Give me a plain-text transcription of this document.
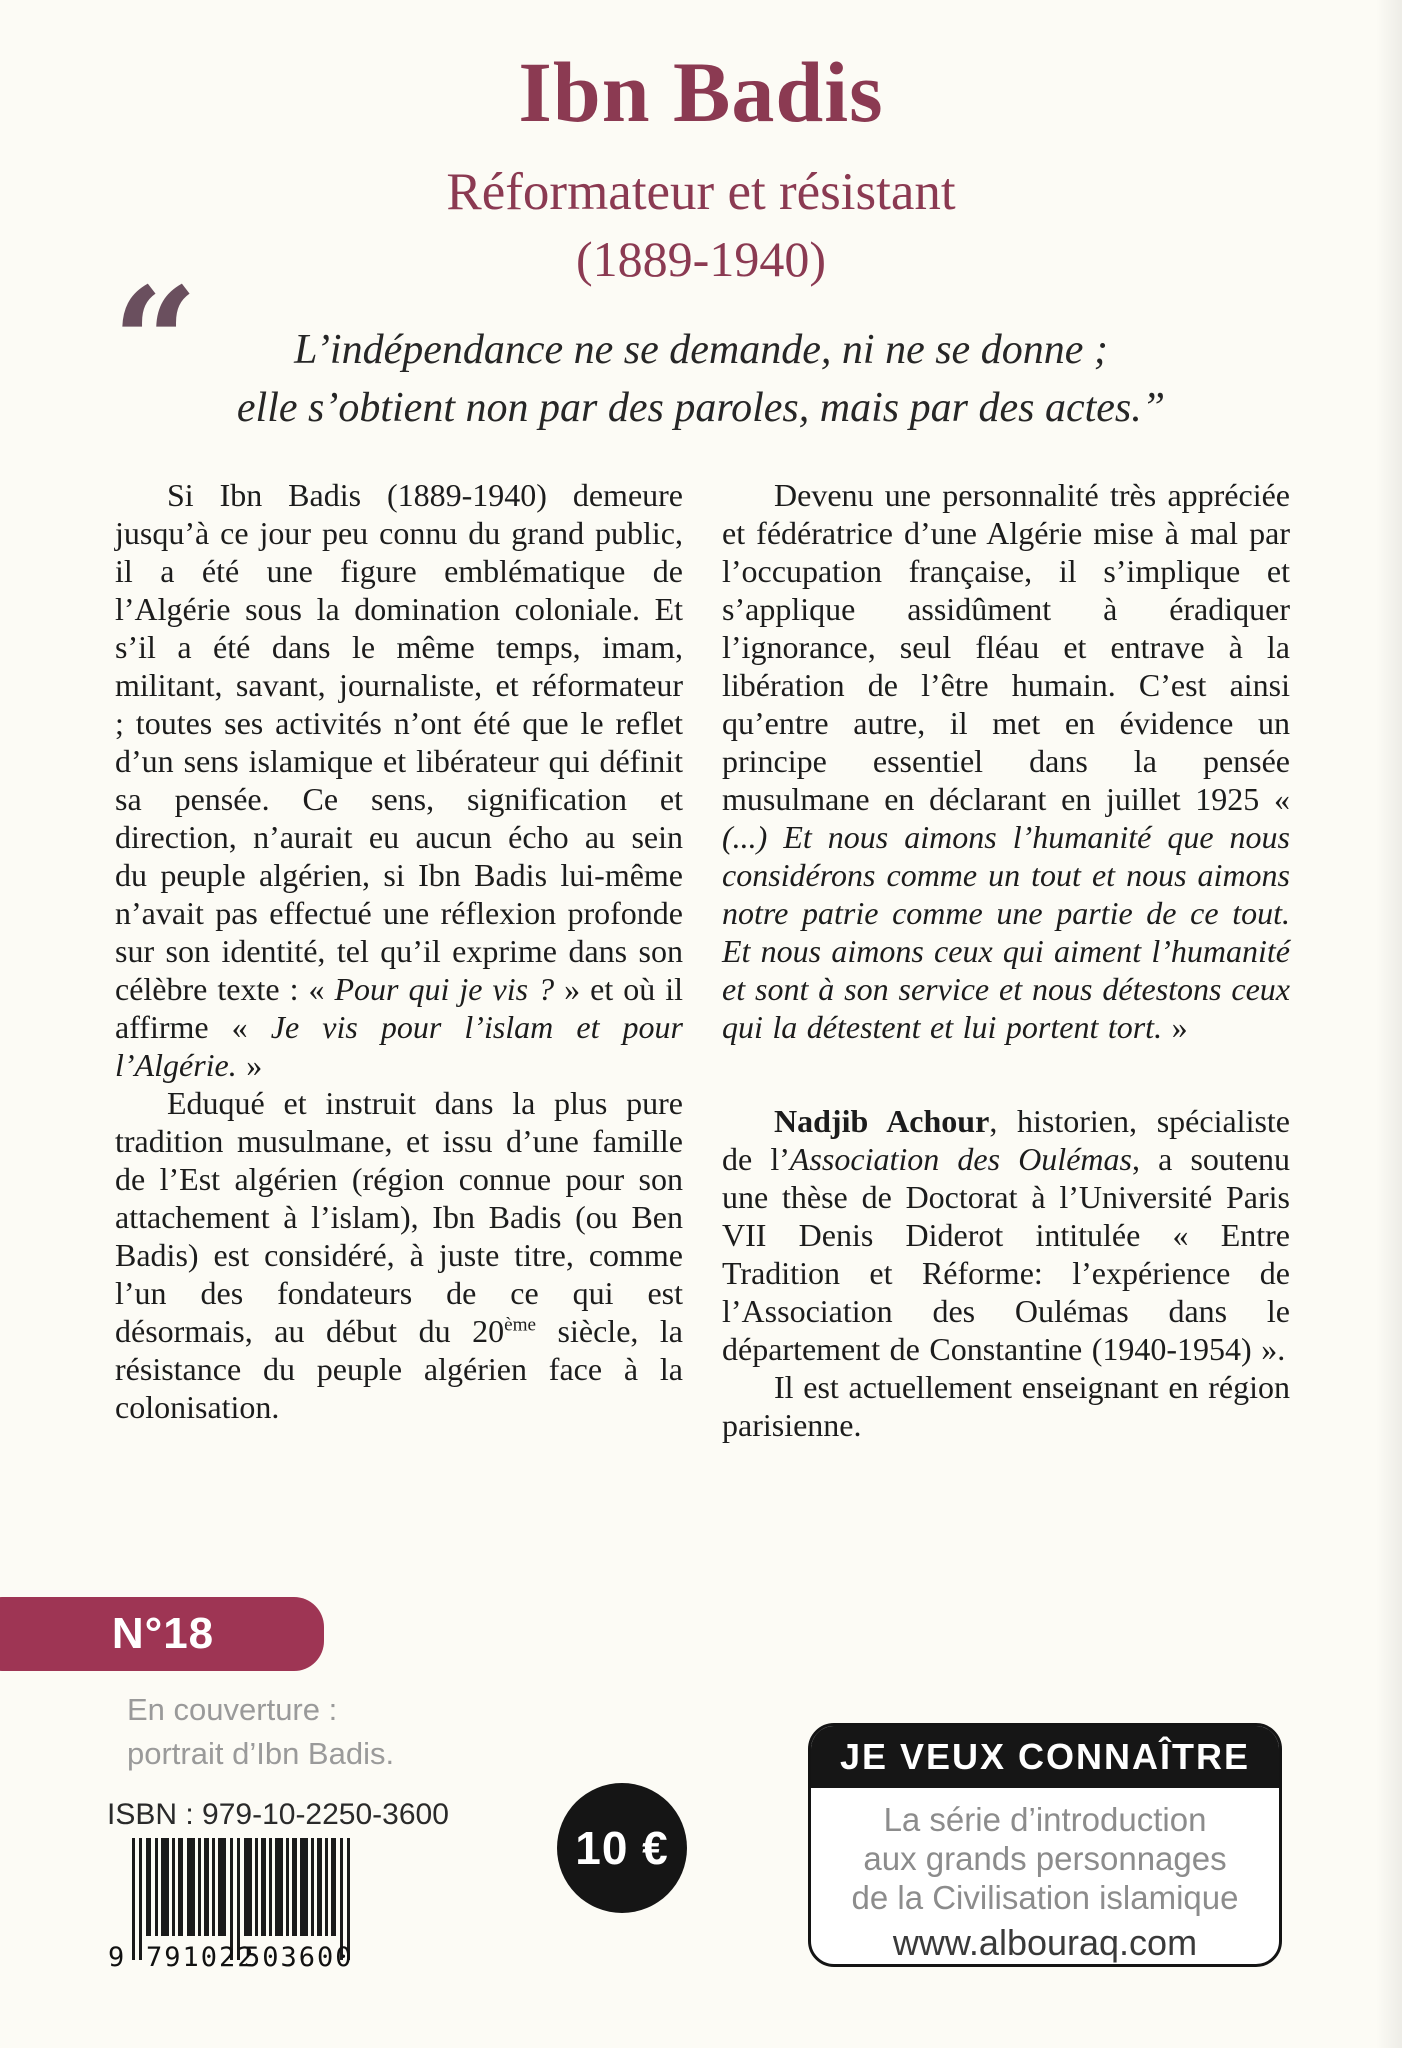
Ibn Badis
Réformateur et résistant
(1889-1940)
“	L’indépendance ne se demande, ni ne se donne ;
elle s’obtient non par des paroles, mais par des actes.”

Si Ibn Badis (1889-1940) demeure jusqu’à ce jour peu connu du grand public, il a été une figure emblématique de l’Algérie sous la domination coloniale. Et s’il a été dans le même temps, imam, militant, savant, journaliste, et réformateur ; toutes ses activités n’ont été que le reflet d’un sens islamique et libérateur qui définit sa pensée. Ce sens, signification et direction, n’aurait eu aucun écho au sein du peuple algérien, si Ibn Badis lui-même n’avait pas effectué une réflexion profonde sur son identité, tel qu’il exprime dans son célèbre texte : « Pour qui je vis ? » et où il affirme « Je vis pour l’islam et pour l’Algérie. »

Eduqué et instruit dans la plus pure tradition musulmane, et issu d’une famille de l’Est algérien (région connue pour son attachement à l’islam), Ibn Badis (ou Ben Badis) est considéré, à juste titre, comme l’un des fondateurs de ce qui est désormais, au début du 20ème siècle, la résistance du peuple algérien face à la colonisation.

Devenu une personnalité très appréciée et fédératrice d’une Algérie mise à mal par l’occupation française, il s’implique et s’applique assidûment à éradiquer l’ignorance, seul fléau et entrave à la libération de l’être humain. C’est ainsi qu’entre autre, il met en évidence un principe essentiel dans la pensée musulmane en déclarant en juillet 1925 « (...) Et nous aimons l’humanité que nous considérons comme un tout et nous aimons notre patrie comme une partie de ce tout. Et nous aimons ceux qui aiment l’humanité et sont à son service et nous détestons ceux qui la détestent et lui portent tort. »

Nadjib Achour, historien, spécialiste de l’Association des Oulémas, a soutenu une thèse de Doctorat à l’Université Paris VII Denis Diderot intitulée « Entre Tradition et Réforme: l’expérience de l’Association des Oulémas dans le département de Constantine (1940-1954) ».

Il est actuellement enseignant en région parisienne.

N°18
En couverture :
portrait d’Ibn Badis.
ISBN : 979-10-2250-3600
9 791022
503600
10 €
JE VEUX CONNAÎTRE
La série d’introduction
aux grands personnages
de la Civilisation islamique
www.albouraq.com
